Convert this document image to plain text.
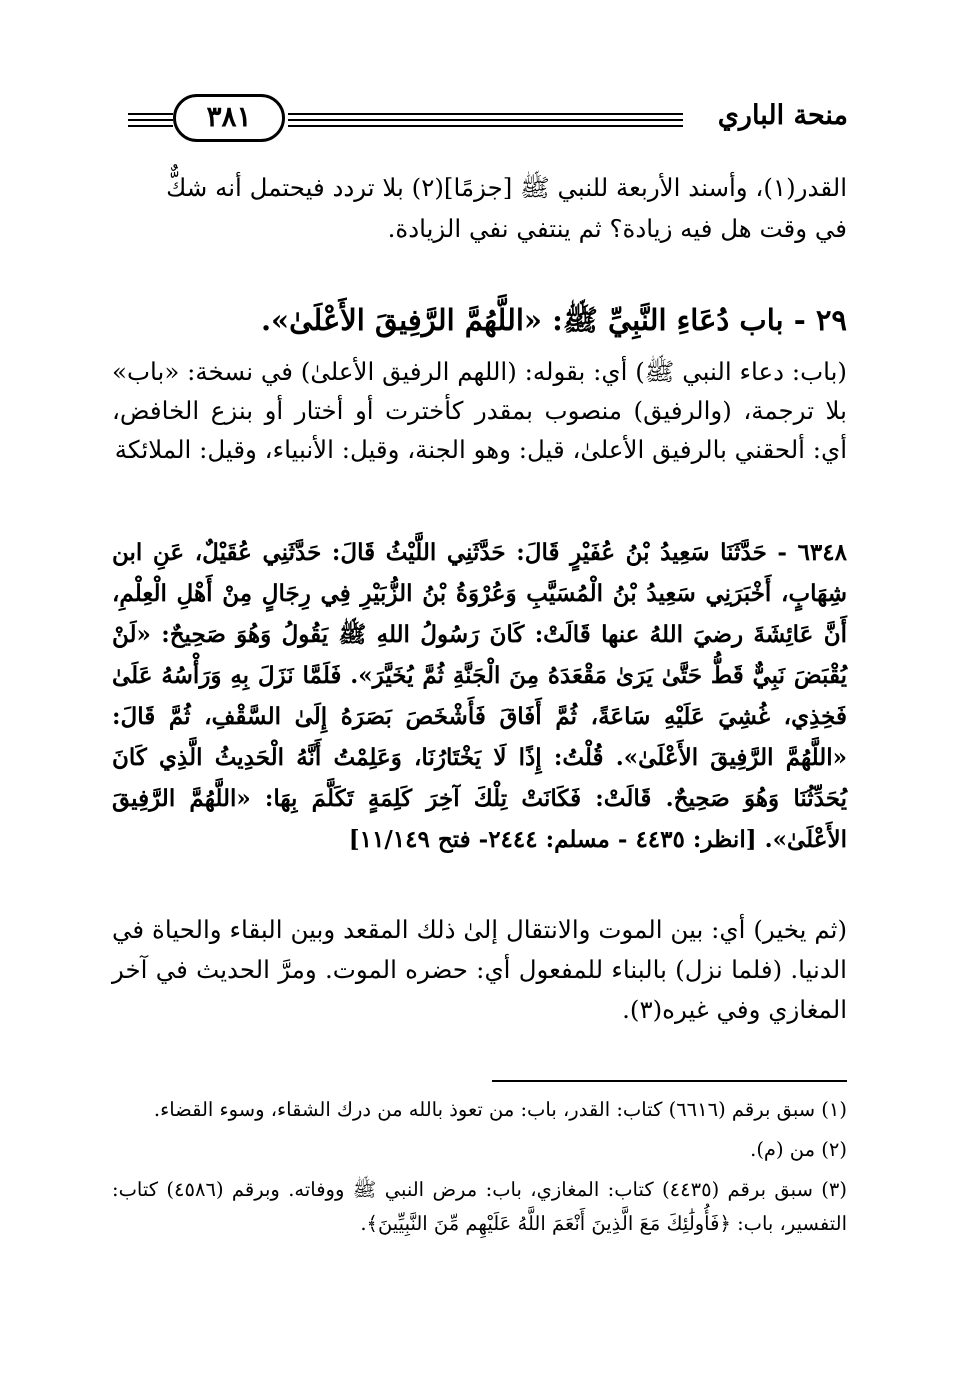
منحة الباري
٣٨١
القدر⁨(١)⁩، وأسند الأربعة للنبي ﷺ [جزمًا](٢) بلا تردد فيحتمل أنه شكٌّ
في وقت هل فيه زيادة؟ ثم ينتفي نفي الزيادة.
٢٩ - باب دُعَاءِ النَّبِيِّ ﷺ: «اللَّهُمَّ الرَّفِيقَ الأَعْلَىٰ».
(باب: دعاء النبي ﷺ) أي: بقوله: (اللهم الرفيق الأعلىٰ) في نسخة: «باب» بلا ترجمة، (والرفيق) منصوب بمقدر كأخترت أو أختار أو بنزع الخافض، أي: ألحقني بالرفيق الأعلىٰ، قيل: وهو الجنة، وقيل: الأنبياء، وقيل: الملائكة
٦٣٤٨ - حَدَّثَنَا سَعِيدُ بْنُ عُفَيْرٍ قَالَ: حَدَّثَنِي اللَّيْثُ قَالَ: حَدَّثَنِي عُقَيْلٌ، عَنِ ابن شِهَابٍ، أَخْبَرَنِي سَعِيدُ بْنُ الْمُسَيَّبِ وَعُرْوَةُ بْنُ الزُّبَيْرِ فِي رِجَالٍ مِنْ أَهْلِ الْعِلْمِ، أَنَّ عَائِشَةَ رضيَ اللهُ عنها قَالَتْ: كَانَ رَسُولُ اللهِ ﷺ يَقُولُ وَهُوَ صَحِيحٌ: «لَنْ يُقْبَضَ نَبِيٌّ قَطُّ حَتَّىٰ يَرَىٰ مَقْعَدَهُ مِنَ الْجَنَّةِ ثُمَّ يُخَيَّرَ». فَلَمَّا نَزَلَ بِهِ وَرَأْسُهُ عَلَىٰ فَخِذِي، غُشِيَ عَلَيْهِ سَاعَةً، ثُمَّ أَفَاقَ فَأَشْخَصَ بَصَرَهُ إِلَىٰ السَّقْفِ، ثُمَّ قَالَ: «اللَّهُمَّ الرَّفِيقَ الأَعْلَىٰ». قُلْتُ: إِذًا لَا يَخْتَارُنَا، وَعَلِمْتُ أَنَّهُ الْحَدِيثُ الَّذِي كَانَ يُحَدِّثُنَا وَهُوَ صَحِيحٌ. قَالَتْ: فَكَانَتْ تِلْكَ آخِرَ كَلِمَةٍ تَكَلَّمَ بِهَا: «اللَّهُمَّ الرَّفِيقَ الأَعْلَىٰ». [انظر: ٤٤٣٥ - مسلم: ٢٤٤٤- فتح ١١/١٤٩]
(ثم يخير) أي: بين الموت والانتقال إلىٰ ذلك المقعد وبين البقاء والحياة في الدنيا. (فلما نزل) بالبناء للمفعول أي: حضره الموت. ومرَّ الحديث في آخر المغازي وفي غيره(٣).
(١) سبق برقم (٦٦١٦) كتاب: القدر، باب: من تعوذ بالله من درك الشقاء، وسوء القضاء.
(٢) من (م).
(٣) سبق برقم (٤٤٣٥) كتاب: المغازي، باب: مرض النبي ﷺ ووفاته. وبرقم (٤٥٨٦) كتاب: التفسير، باب: ﴿فَأُولَٰئِكَ مَعَ الَّذِينَ أَنْعَمَ اللَّهُ عَلَيْهِم مِّنَ النَّبِيِّينَ﴾.
